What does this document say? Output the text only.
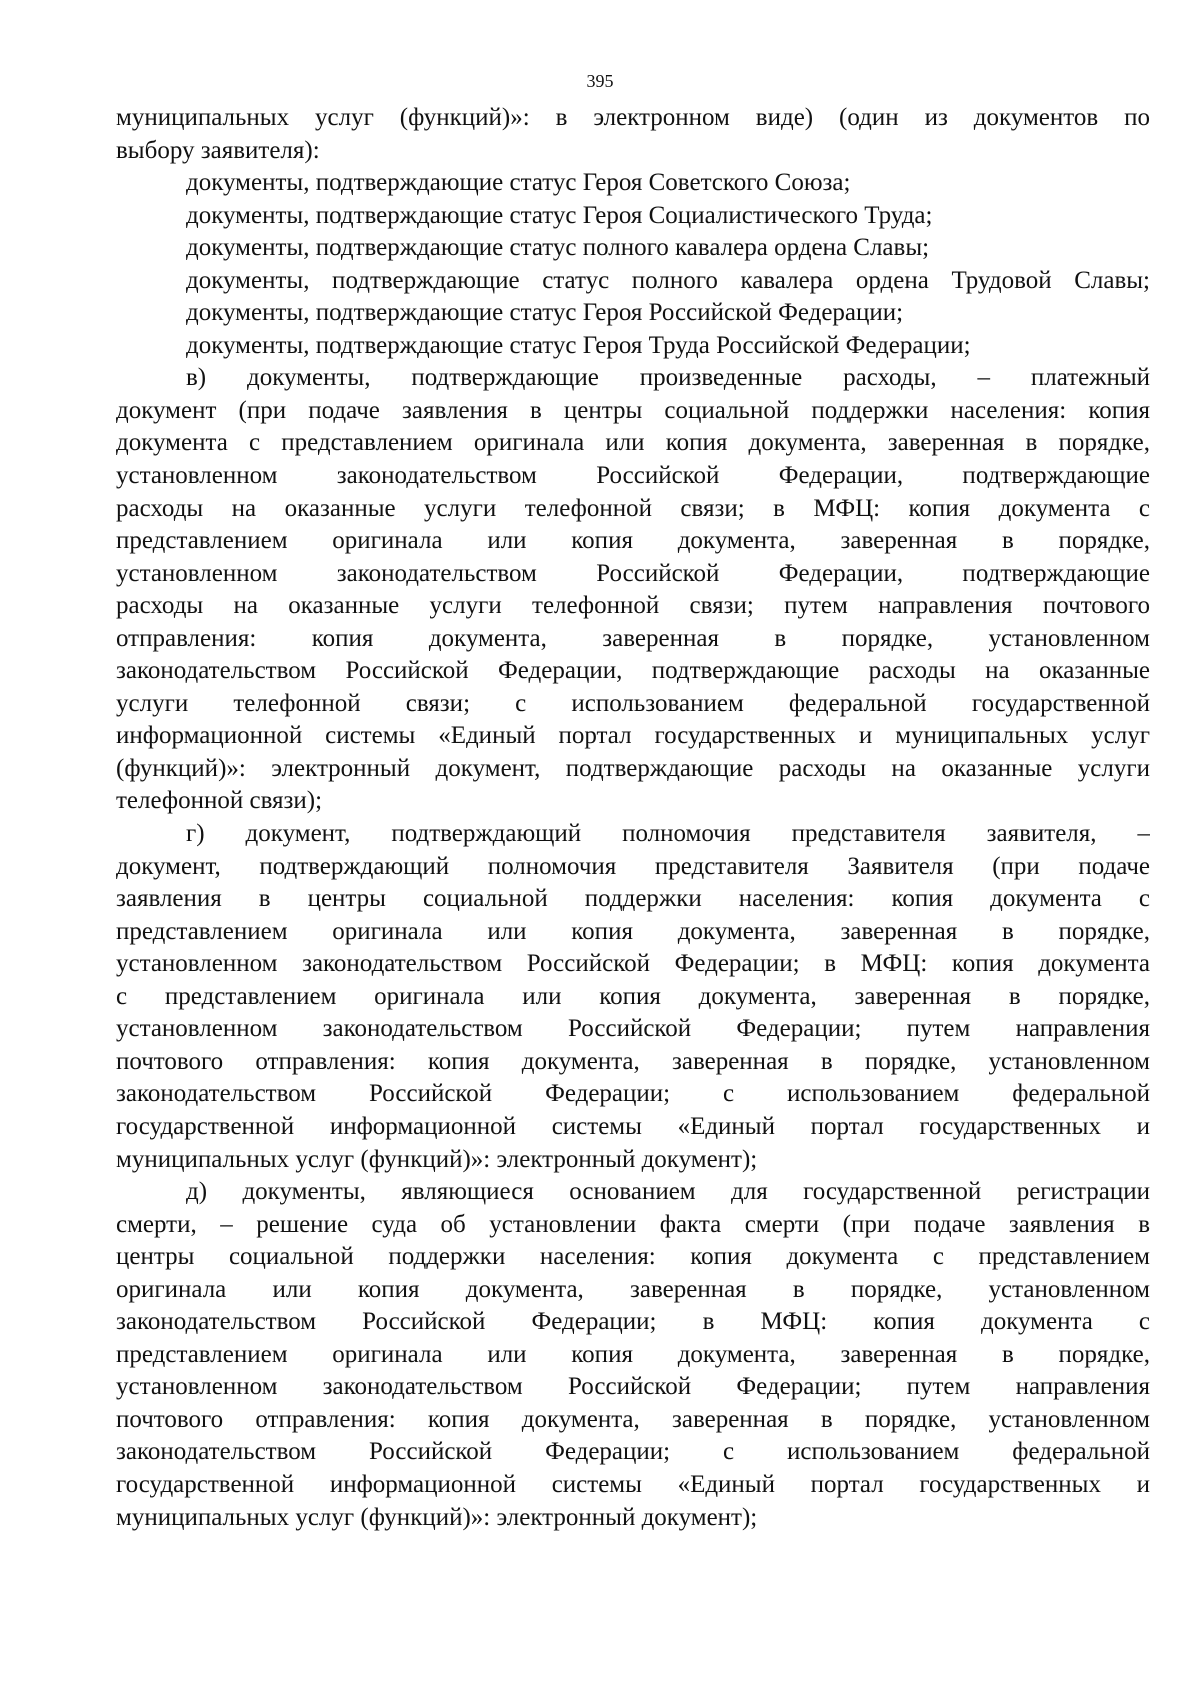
395
муниципальных услуг (функций)»: в электронном виде) (один из документов по
выбору заявителя):
документы, подтверждающие статус Героя Советского Союза;
документы, подтверждающие статус Героя Социалистического Труда;
документы, подтверждающие статус полного кавалера ордена Славы;
документы, подтверждающие статус полного кавалера ордена Трудовой Славы;
документы, подтверждающие статус Героя Российской Федерации;
документы, подтверждающие статус Героя Труда Российской Федерации;
в) документы, подтверждающие произведенные расходы, – платежный
документ (при подаче заявления в центры социальной поддержки населения: копия
документа с представлением оригинала или копия документа, заверенная в порядке,
установленном законодательством Российской Федерации, подтверждающие
расходы на оказанные услуги телефонной связи; в МФЦ: копия документа с
представлением оригинала или копия документа, заверенная в порядке,
установленном законодательством Российской Федерации, подтверждающие
расходы на оказанные услуги телефонной связи; путем направления почтового
отправления: копия документа, заверенная в порядке, установленном
законодательством Российской Федерации, подтверждающие расходы на оказанные
услуги телефонной связи; с использованием федеральной государственной
информационной системы «Единый портал государственных и муниципальных услуг
(функций)»: электронный документ, подтверждающие расходы на оказанные услуги
телефонной связи);
г) документ, подтверждающий полномочия представителя заявителя, –
документ, подтверждающий полномочия представителя Заявителя (при подаче
заявления в центры социальной поддержки населения: копия документа с
представлением оригинала или копия документа, заверенная в порядке,
установленном законодательством Российской Федерации; в МФЦ: копия документа
с представлением оригинала или копия документа, заверенная в порядке,
установленном законодательством Российской Федерации; путем направления
почтового отправления: копия документа, заверенная в порядке, установленном
законодательством Российской Федерации; с использованием федеральной
государственной информационной системы «Единый портал государственных и
муниципальных услуг (функций)»: электронный документ);
д) документы, являющиеся основанием для государственной регистрации
смерти, – решение суда об установлении факта смерти (при подаче заявления в
центры социальной поддержки населения: копия документа с представлением
оригинала или копия документа, заверенная в порядке, установленном
законодательством Российской Федерации; в МФЦ: копия документа с
представлением оригинала или копия документа, заверенная в порядке,
установленном законодательством Российской Федерации; путем направления
почтового отправления: копия документа, заверенная в порядке, установленном
законодательством Российской Федерации; с использованием федеральной
государственной информационной системы «Единый портал государственных и
муниципальных услуг (функций)»: электронный документ);
